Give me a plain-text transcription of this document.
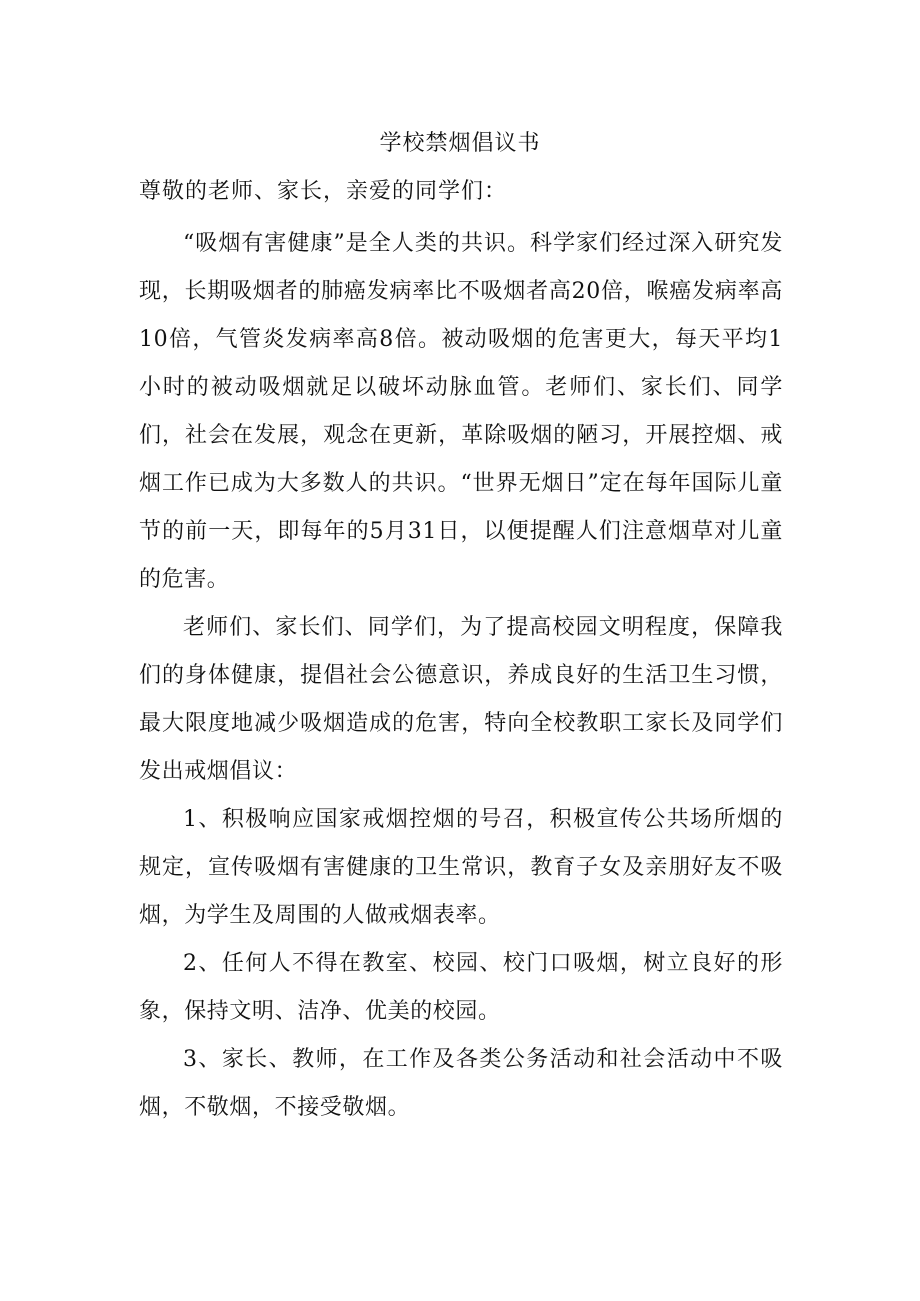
学校禁烟倡议书
尊敬的老师、家长，亲爱的同学们：

“吸烟有害健康”是全人类的共识。科学家们经过深入研究发现，长期吸烟者的肺癌发病率比不吸烟者高20倍，喉癌发病率高10倍，气管炎发病率高8倍。被动吸烟的危害更大，每天平均1小时的被动吸烟就足以破坏动脉血管。老师们、家长们、同学们，社会在发展，观念在更新，革除吸烟的陋习，开展控烟、戒烟工作已成为大多数人的共识。“世界无烟日”定在每年国际儿童节的前一天，即每年的5月31日，以便提醒人们注意烟草对儿童的危害。

老师们、家长们、同学们，为了提高校园文明程度，保障我们的身体健康，提倡社会公德意识，养成良好的生活卫生习惯，最大限度地减少吸烟造成的危害，特向全校教职工家长及同学们发出戒烟倡议：

1、积极响应国家戒烟控烟的号召，积极宣传公共场所烟的规定，宣传吸烟有害健康的卫生常识，教育子女及亲朋好友不吸烟，为学生及周围的人做戒烟表率。

2、任何人不得在教室、校园、校门口吸烟，树立良好的形象，保持文明、洁净、优美的校园。

3、家长、教师，在工作及各类公务活动和社会活动中不吸烟，不敬烟，不接受敬烟。
